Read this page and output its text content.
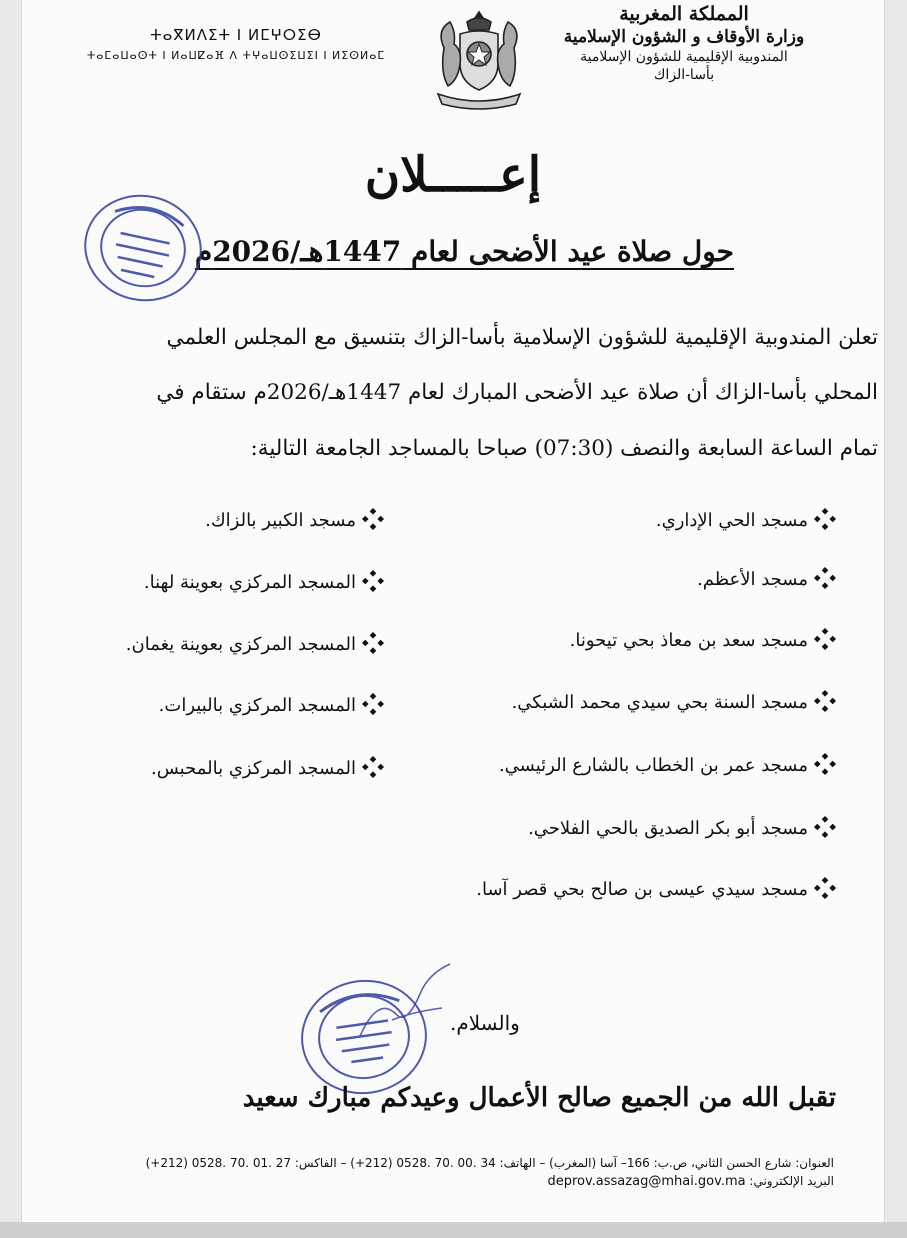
المملكة المغربية
وزارة الأوقاف و الشؤون الإسلامية
المندوبية الإقليمية للشؤون الإسلامية
بأسا-الزاك
ⵜⴰⴳⵍⴷⵉⵜ ⵏ ⵍⵎⵖⵔⵉⴱ
ⵜⴰⵎⴰⵡⴰⵙⵜ ⵏ ⵍⴰⵡⵇⴰⴼ ⴷ ⵜⵖⴰⵡⵙⵉⵡⵉⵏ ⵏ ⵍⵉⵙⵍⴰⵎ
إعـــــلان
حول صلاة عيد الأضحى لعام 1447هـ/2026م
تعلن المندوبية الإقليمية للشؤون الإسلامية بأسا-الزاك بتنسيق مع المجلس العلمي
المحلي بأسا-الزاك أن صلاة عيد الأضحى المبارك لعام 1447هـ/2026م ستقام في
تمام الساعة السابعة والنصف (07:30) صباحا بالمساجد الجامعة التالية:
مسجد الحي الإداري.
مسجد الأعظم.
مسجد سعد بن معاذ بحي تيحونا.
مسجد السنة بحي سيدي محمد الشبكي.
مسجد عمر بن الخطاب بالشارع الرئيسي.
مسجد أبو بكر الصديق بالحي الفلاحي.
مسجد سيدي عيسى بن صالح بحي قصر آسا.
مسجد الكبير بالزاك.
المسجد المركزي بعوينة لهنا.
المسجد المركزي بعوينة يغمان.
المسجد المركزي بالبيرات.
المسجد المركزي بالمحبس.
والسلام.
تقبل الله من الجميع صالح الأعمال وعيدكم مبارك سعيد
العنوان: شارع الحسن الثاني، ص.ب: 166– آسا (المغرب) – الهاتف: 34 .00 .70 .0528 (212+) – الفاكس: 27 .01 .70 .0528 (212+)
البريد الإلكتروني: deprov.assazag@mhai.gov.ma
